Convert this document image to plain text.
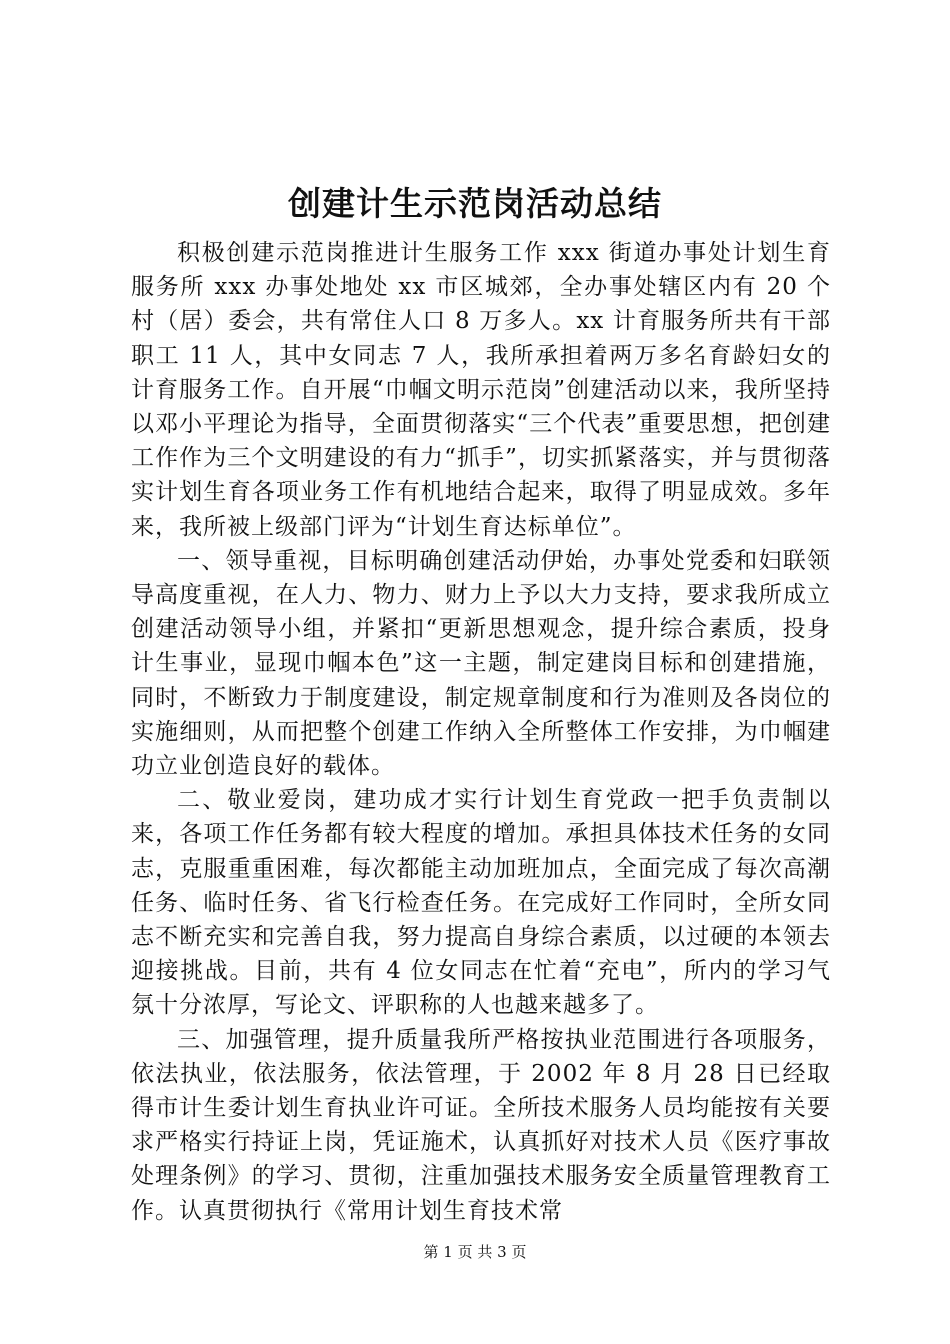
创建计生示范岗活动总结

积极创建示范岗推进计生服务工作 xxx 街道办事处计划生育服务所 xxx 办事处地处 xx 市区城郊，全办事处辖区内有 20 个村（居）委会，共有常住人口 8 万多人。xx 计育服务所共有干部职工 11 人，其中女同志 7 人，我所承担着两万多名育龄妇女的计育服务工作。自开展“巾帼文明示范岗”创建活动以来，我所坚持以邓小平理论为指导，全面贯彻落实“三个代表”重要思想，把创建工作作为三个文明建设的有力“抓手”，切实抓紧落实，并与贯彻落实计划生育各项业务工作有机地结合起来，取得了明显成效。多年来，我所被上级部门评为“计划生育达标单位”。

一、领导重视，目标明确创建活动伊始，办事处党委和妇联领导高度重视，在人力、物力、财力上予以大力支持，要求我所成立创建活动领导小组，并紧扣“更新思想观念，提升综合素质，投身计生事业，显现巾帼本色”这一主题，制定建岗目标和创建措施，同时，不断致力于制度建设，制定规章制度和行为准则及各岗位的实施细则，从而把整个创建工作纳入全所整体工作安排，为巾帼建功立业创造良好的载体。

二、敬业爱岗，建功成才实行计划生育党政一把手负责制以来，各项工作任务都有较大程度的增加。承担具体技术任务的女同志，克服重重困难，每次都能主动加班加点，全面完成了每次高潮任务、临时任务、省飞行检查任务。在完成好工作同时，全所女同志不断充实和完善自我，努力提高自身综合素质，以过硬的本领去迎接挑战。目前，共有 4 位女同志在忙着“充电”，所内的学习气氛十分浓厚，写论文、评职称的人也越来越多了。

三、加强管理，提升质量我所严格按执业范围进行各项服务，依法执业，依法服务，依法管理，于 2002 年 8 月 28 日已经取得市计生委计划生育执业许可证。全所技术服务人员均能按有关要求严格实行持证上岗，凭证施术，认真抓好对技术人员《医疗事故处理条例》的学习、贯彻，注重加强技术服务安全质量管理教育工作。认真贯彻执行《常用计划生育技术常

第 1 页 共 3 页
